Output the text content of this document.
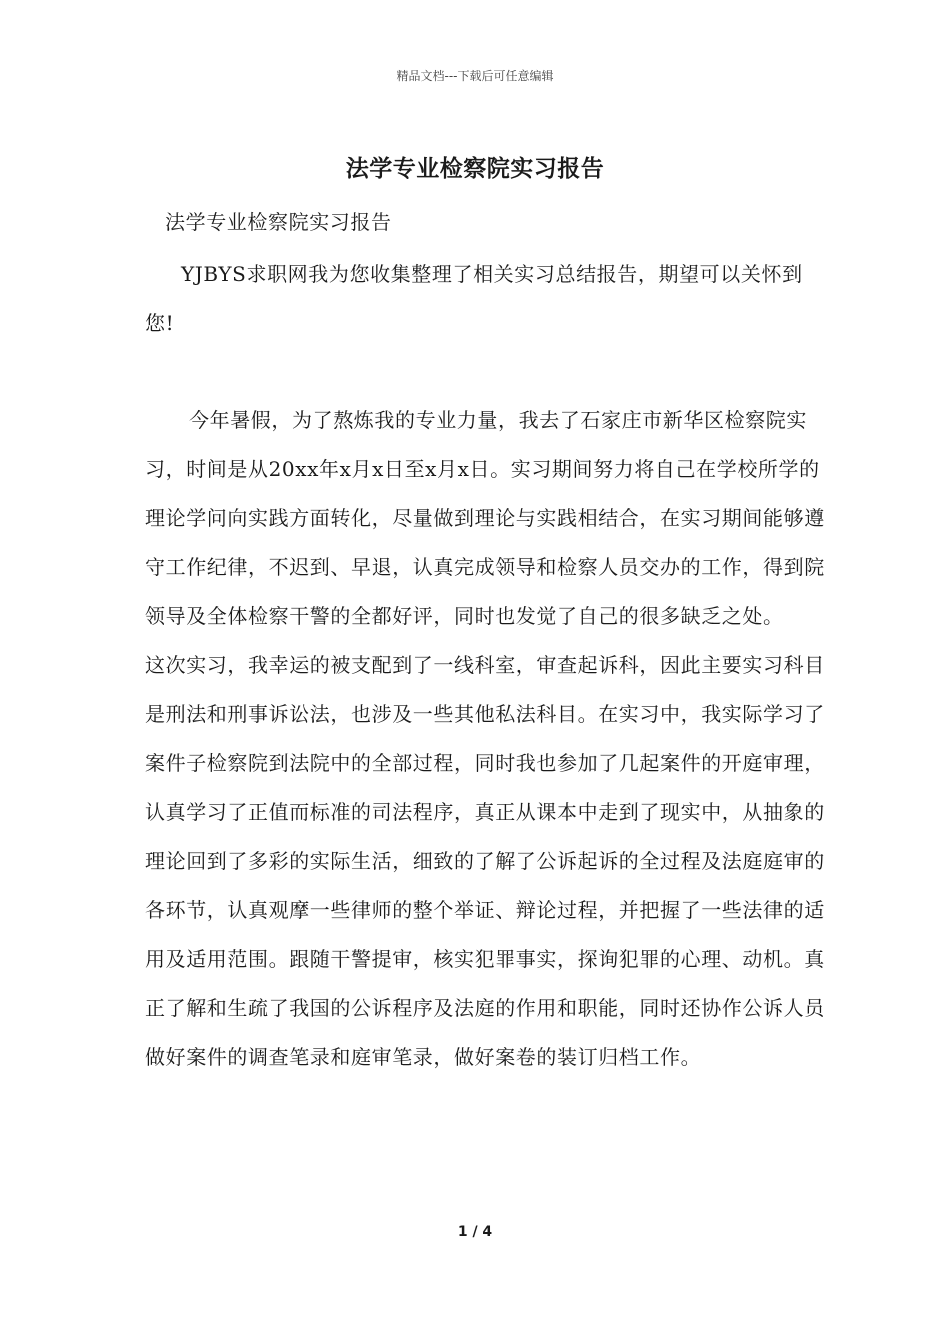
精品文档---下载后可任意编辑
法学专业检察院实习报告
法学专业检察院实习报告
YJBYS求职网我为您收集整理了相关实习总结报告，期望可以关怀到您!
今年暑假，为了熬炼我的专业力量，我去了石家庄市新华区检察院实习，时间是从20xx年x月x日至x月x日。实习期间努力将自己在学校所学的理论学问向实践方面转化，尽量做到理论与实践相结合，在实习期间能够遵守工作纪律，不迟到、早退，认真完成领导和检察人员交办的工作，得到院领导及全体检察干警的全都好评，同时也发觉了自己的很多缺乏之处。　　这次实习，我幸运的被支配到了一线科室，审查起诉科，因此主要实习科目是刑法和刑事诉讼法，也涉及一些其他私法科目。在实习中，我实际学习了案件子检察院到法院中的全部过程，同时我也参加了几起案件的开庭审理，认真学习了正值而标准的司法程序，真正从课本中走到了现实中，从抽象的理论回到了多彩的实际生活，细致的了解了公诉起诉的全过程及法庭庭审的各环节，认真观摩一些律师的整个举证、辩论过程，并把握了一些法律的适用及适用范围。跟随干警提审，核实犯罪事实，探询犯罪的心理、动机。真正了解和生疏了我国的公诉程序及法庭的作用和职能，同时还协作公诉人员做好案件的调查笔录和庭审笔录，做好案卷的装订归档工作。
1 / 4
